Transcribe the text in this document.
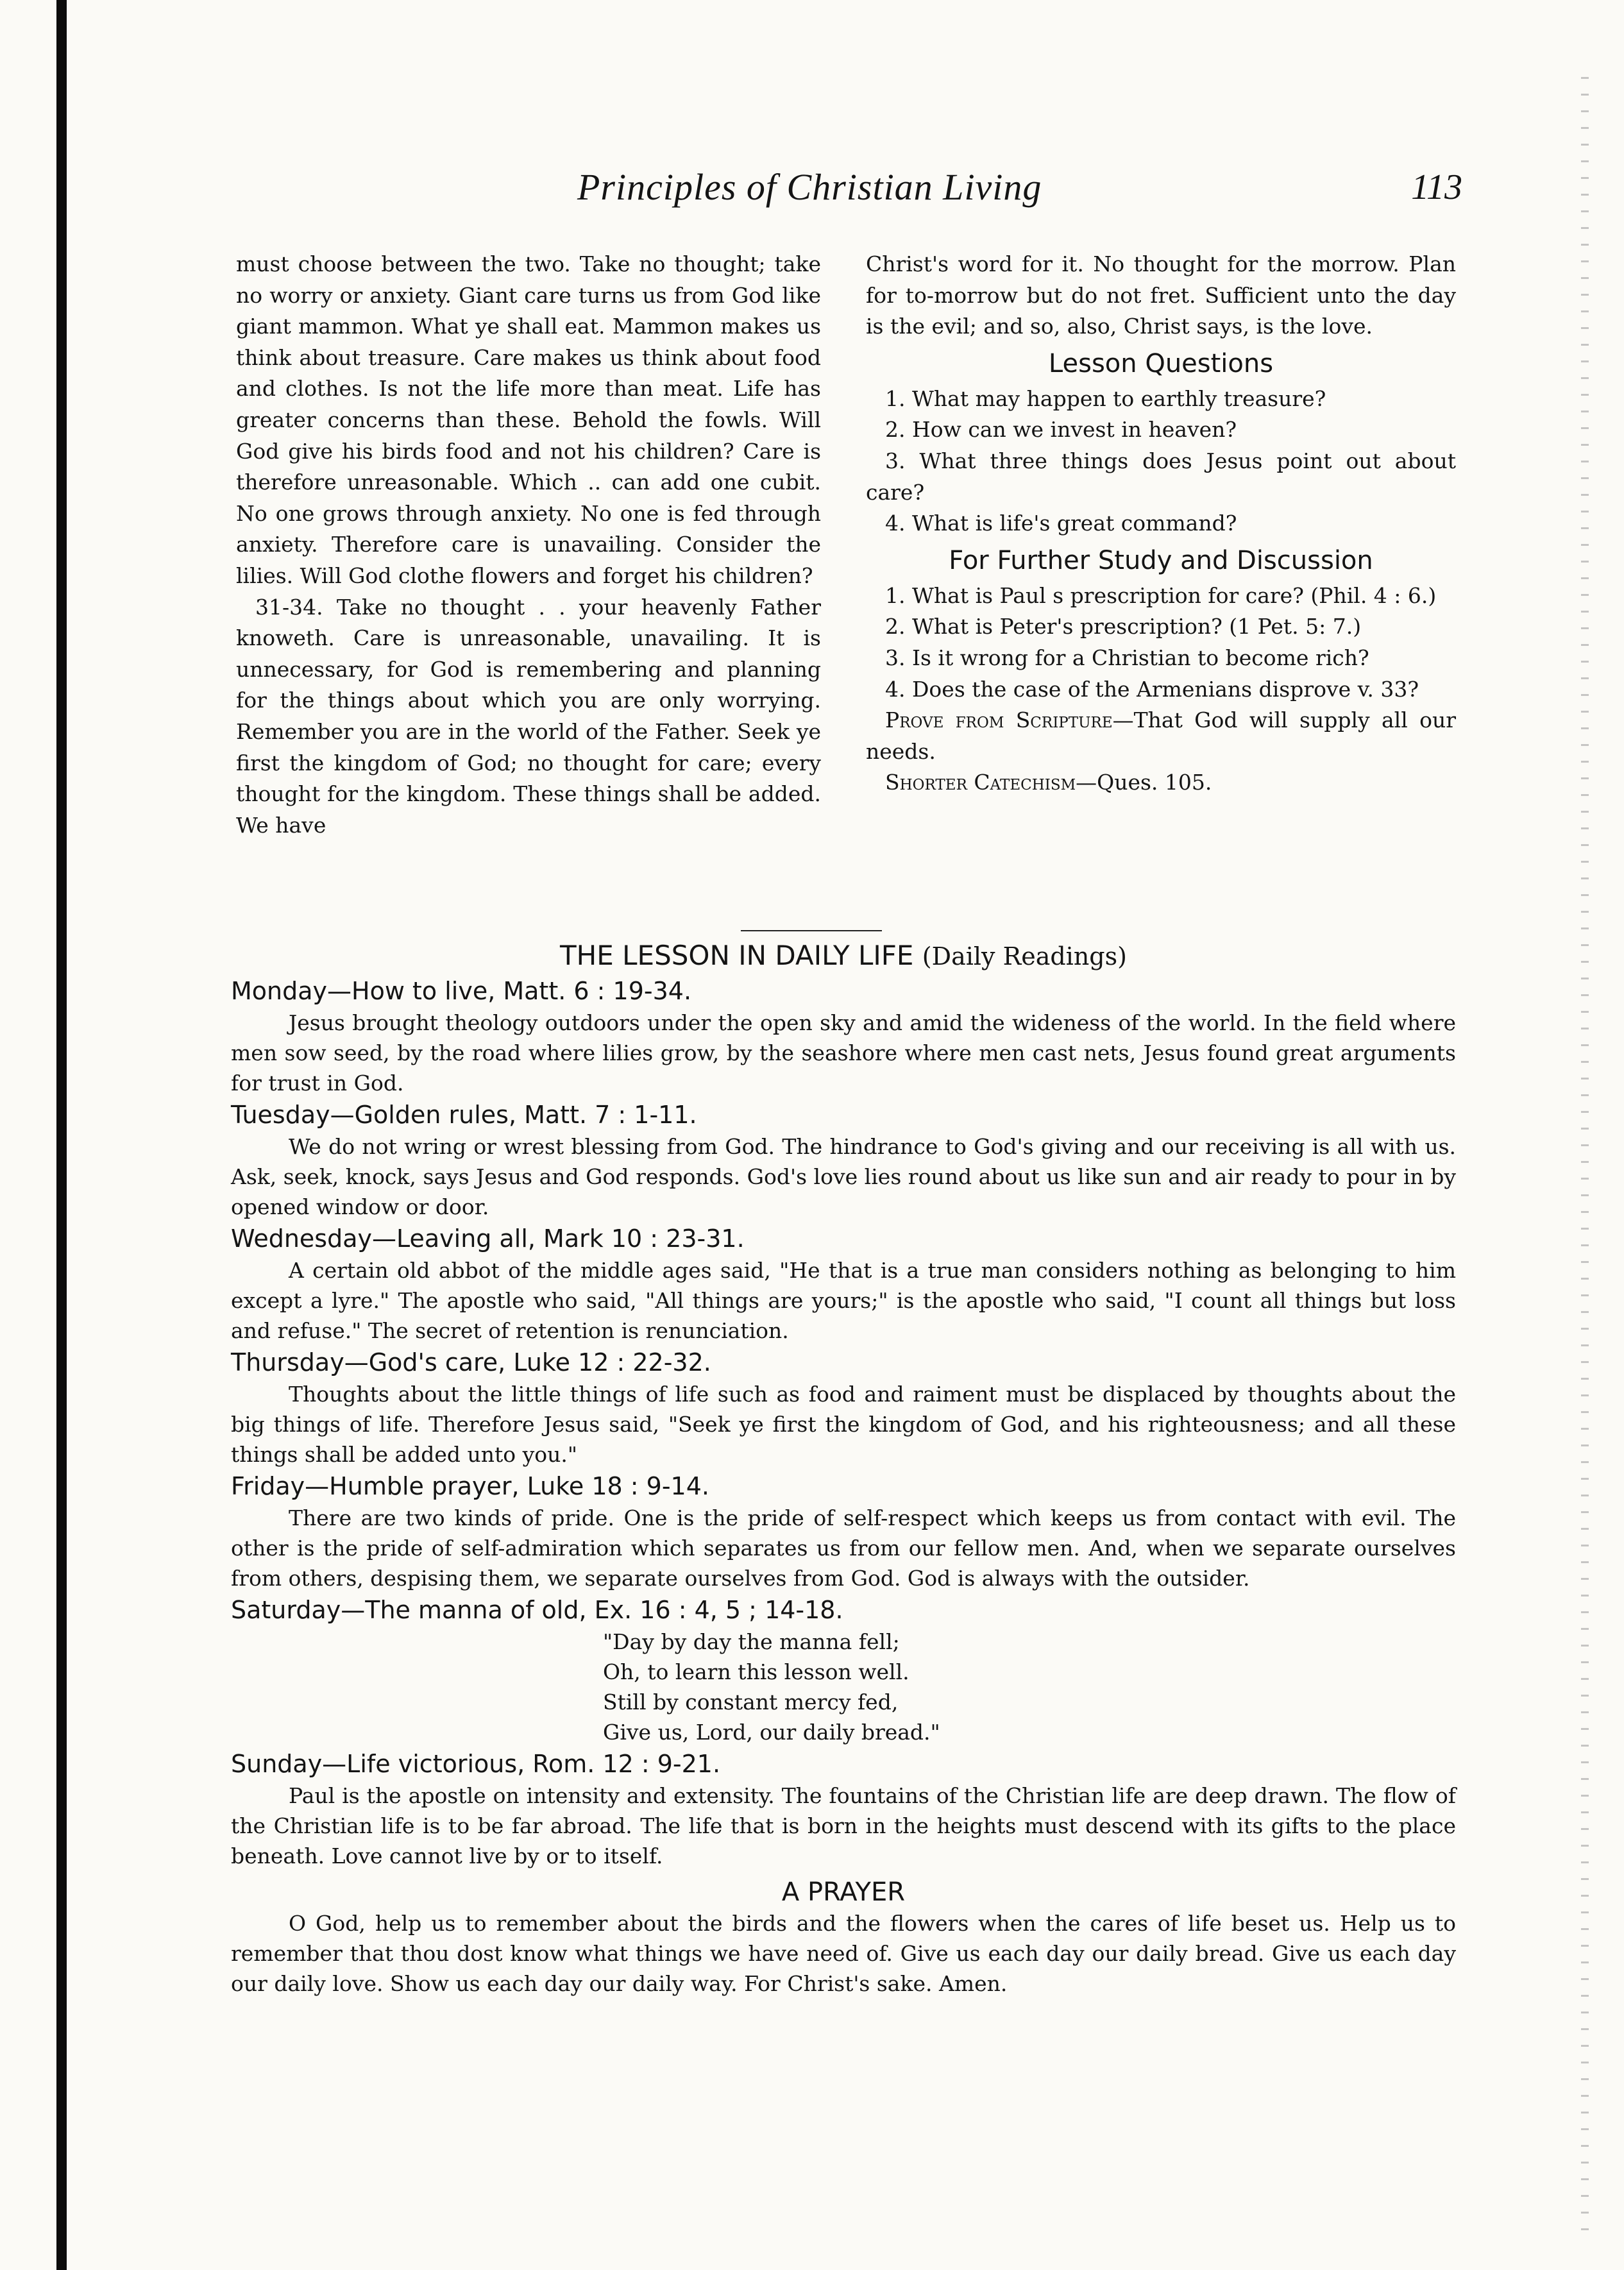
Principles of Christian Living	113

must choose between the two. Take no thought; take no worry or anxiety. Giant care turns us from God like giant mammon. What ye shall eat. Mammon makes us think about treasure. Care makes us think about food and clothes. Is not the life more than meat. Life has greater concerns than these. Behold the fowls. Will God give his birds food and not his children? Care is therefore unreasonable. Which .. can add one cubit. No one grows through anxiety. No one is fed through anxiety. Therefore care is unavailing. Consider the lilies. Will God clothe flowers and forget his children?

31-34. Take no thought . . your heavenly Father knoweth. Care is unreasonable, unavailing. It is unnecessary, for God is remembering and planning for the things about which you are only worrying. Remember you are in the world of the Father. Seek ye first the kingdom of God; no thought for care; every thought for the kingdom. These things shall be added. We have

Christ's word for it. No thought for the morrow. Plan for to-morrow but do not fret. Sufficient unto the day is the evil; and so, also, Christ says, is the love.

Lesson Questions
1. What may happen to earthly treasure?
2. How can we invest in heaven?
3. What three things does Jesus point out about care?
4. What is life's great command?
For Further Study and Discussion
1. What is Paul s prescription for care? (Phil. 4 : 6.)
2. What is Peter's prescription? (1 Pet. 5: 7.)
3. Is it wrong for a Christian to become rich?
4. Does the case of the Armenians disprove v. 33?

Prove from Scripture—That God will supply all our needs.

Shorter Catechism—Ques. 105.

THE LESSON IN DAILY LIFE (Daily Readings)
Monday—How to live, Matt. 6 : 19-34.

Jesus brought theology outdoors under the open sky and amid the wideness of the world. In the field where men sow seed, by the road where lilies grow, by the seashore where men cast nets, Jesus found great arguments for trust in God.

Tuesday—Golden rules, Matt. 7 : 1-11.

We do not wring or wrest blessing from God. The hindrance to God's giving and our receiving is all with us. Ask, seek, knock, says Jesus and God responds. God's love lies round about us like sun and air ready to pour in by opened window or door.

Wednesday—Leaving all, Mark 10 : 23-31.

A certain old abbot of the middle ages said, "He that is a true man considers nothing as belonging to him except a lyre." The apostle who said, "All things are yours;" is the apostle who said, "I count all things but loss and refuse." The secret of retention is renunciation.

Thursday—God's care, Luke 12 : 22-32.

Thoughts about the little things of life such as food and raiment must be displaced by thoughts about the big things of life. Therefore Jesus said, "Seek ye first the kingdom of God, and his righteousness; and all these things shall be added unto you."

Friday—Humble prayer, Luke 18 : 9-14.

There are two kinds of pride. One is the pride of self-respect which keeps us from contact with evil. The other is the pride of self-admiration which separates us from our fellow men. And, when we separate ourselves from others, despising them, we separate ourselves from God. God is always with the outsider.

Saturday—The manna of old, Ex. 16 : 4, 5 ; 14-18.
"Day by day the manna fell;
Oh, to learn this lesson well.
Still by constant mercy fed,
Give us, Lord, our daily bread."
Sunday—Life victorious, Rom. 12 : 9-21.

Paul is the apostle on intensity and extensity. The fountains of the Christian life are deep drawn. The flow of the Christian life is to be far abroad. The life that is born in the heights must descend with its gifts to the place beneath. Love cannot live by or to itself.

A PRAYER

O God, help us to remember about the birds and the flowers when the cares of life beset us. Help us to remember that thou dost know what things we have need of. Give us each day our daily bread. Give us each day our daily love. Show us each day our daily way. For Christ's sake. Amen.
